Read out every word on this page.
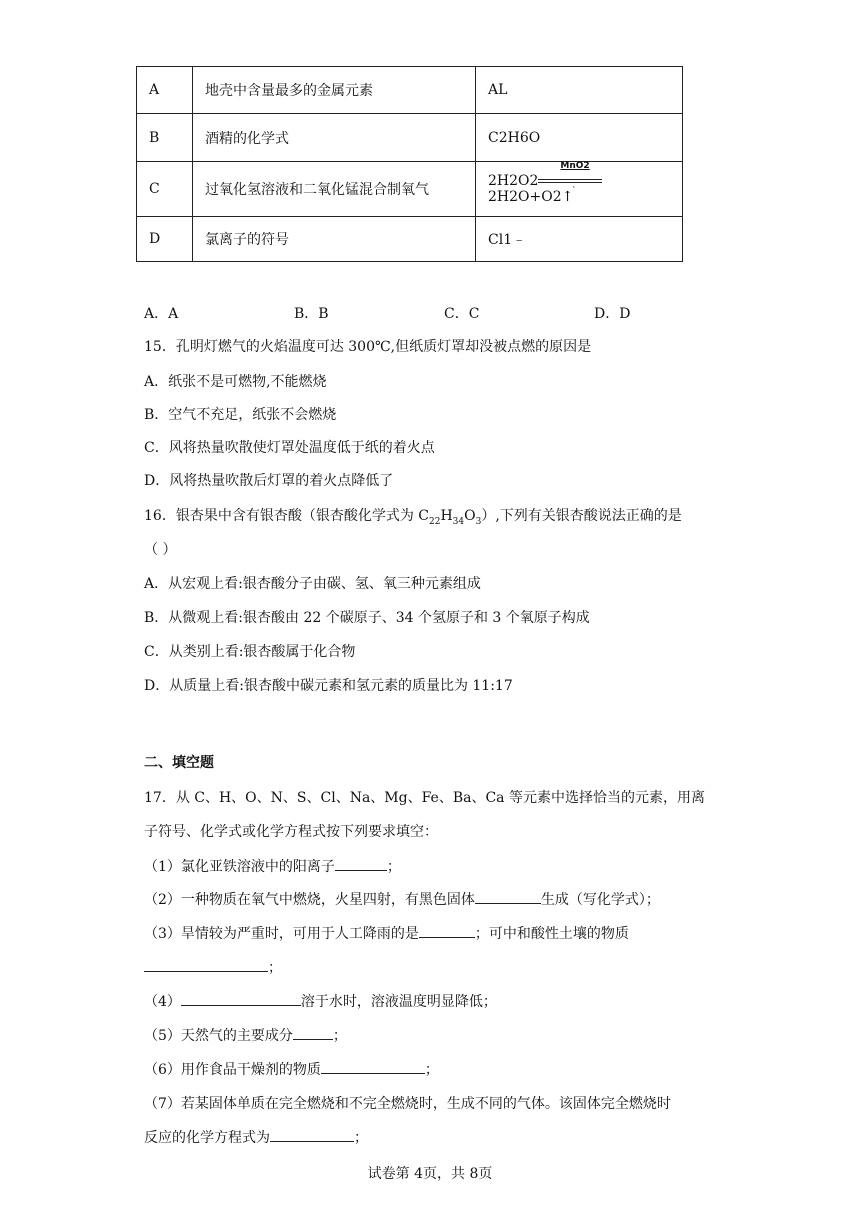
A	地壳中含量最多的金属元素	AL
B	酒精的化学式	C2H6O
C	过氧化氢溶液和二氧化锰混合制氧气	2H2O2
MnO2
·
2H2O+O2↑
D	氯离子的符号	Cl1﹣
A．A	B．B	C．C	D．D
15．孔明灯燃气的火焰温度可达 300℃,但纸质灯罩却没被点燃的原因是
A．纸张不是可燃物,不能燃烧
B．空气不充足，纸张不会燃烧
C．风将热量吹散使灯罩处温度低于纸的着火点
D．风将热量吹散后灯罩的着火点降低了
16．银杏果中含有银杏酸（银杏酸化学式为 $C_{22}H_{34}O_3$）,下列有关银杏酸说法正确的是
（ ）
A．从宏观上看:银杏酸分子由碳、氢、氧三种元素组成
B．从微观上看:银杏酸由 22 个碳原子、34 个氢原子和 3 个氧原子构成
C．从类别上看:银杏酸属于化合物
D．从质量上看:银杏酸中碳元素和氢元素的质量比为 11:17
二、填空题
17．从 C、H、O、N、S、Cl、Na、Mg、Fe、Ba、Ca 等元素中选择恰当的元素，用离
子符号、化学式或化学方程式按下列要求填空：
（1）氯化亚铁溶液中的阳离子	；
（2）一种物质在氧气中燃烧，火星四射，有黑色固体	生成（写化学式）；
（3）旱情较为严重时，可用于人工降雨的是	；可中和酸性土壤的物质
；
（4）	溶于水时，溶液温度明显降低；
（5）天然气的主要成分	；
（6）用作食品干燥剂的物质	；
（7）若某固体单质在完全燃烧和不完全燃烧时，生成不同的气体。该固体完全燃烧时
反应的化学方程式为	；
试卷第 4页，共 8页
